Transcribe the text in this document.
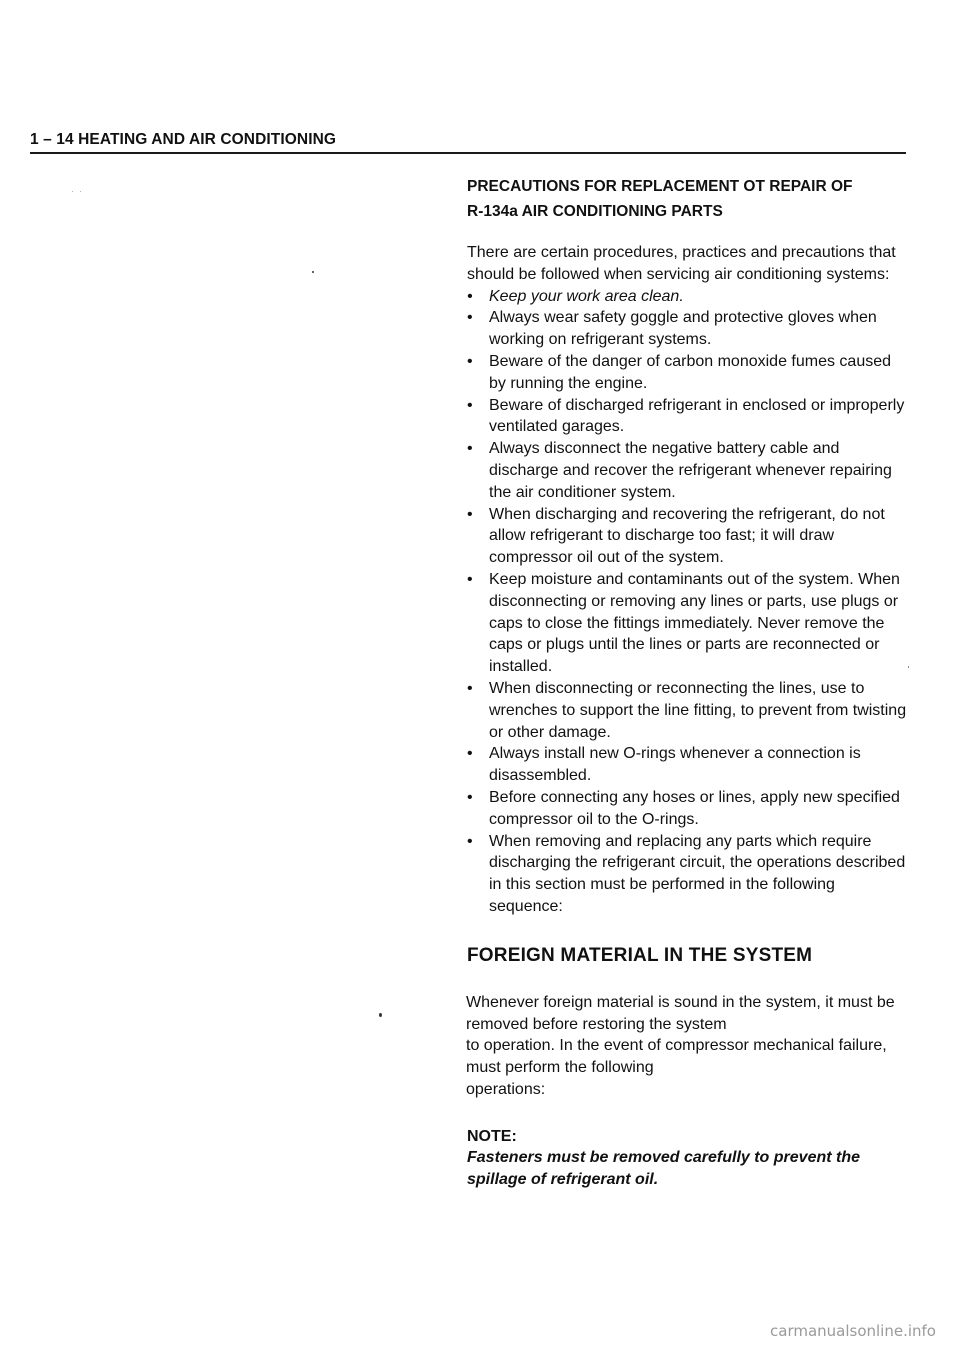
1 – 14 HEATING AND AIR CONDITIONING
PRECAUTIONS FOR REPLACEMENT OT REPAIR OF
R-134a AIR CONDITIONING PARTS

There are certain procedures, practices and precautions that should be followed when servicing air conditioning systems:

• Keep your work area clean.
• Always wear safety goggle and protective gloves when working on refrigerant systems.
• Beware of the danger of carbon monoxide fumes caused by running the engine.
• Beware of discharged refrigerant in enclosed or improperly ventilated garages.
• Always disconnect the negative battery cable and discharge and recover the refrigerant whenever repairing the air conditioner system.
• When discharging and recovering the refrigerant, do not allow refrigerant to discharge too fast; it will draw compressor oil out of the system.
• Keep moisture and contaminants out of the system. When disconnecting or removing any lines or parts, use plugs or caps to close the fittings immediately. Never remove the caps or plugs until the lines or parts are reconnected or installed.
• When disconnecting or reconnecting the lines, use to wrenches to support the line fitting, to prevent from twisting or other damage.
• Always install new O-rings whenever a connection is disassembled.
• Before connecting any hoses or lines, apply new specified compressor oil to the O-rings.
• When removing and replacing any parts which require discharging the refrigerant circuit, the operations described in this section must be performed in the following sequence:
FOREIGN MATERIAL IN THE SYSTEM
Whenever foreign material is sound in the system, it must be
removed before restoring the system
to operation. In the event of compressor mechanical failure,
must perform the following
operations:
NOTE:

Fasteners must be removed carefully to prevent the spillage of refrigerant oil.

carmanualsonline.info
